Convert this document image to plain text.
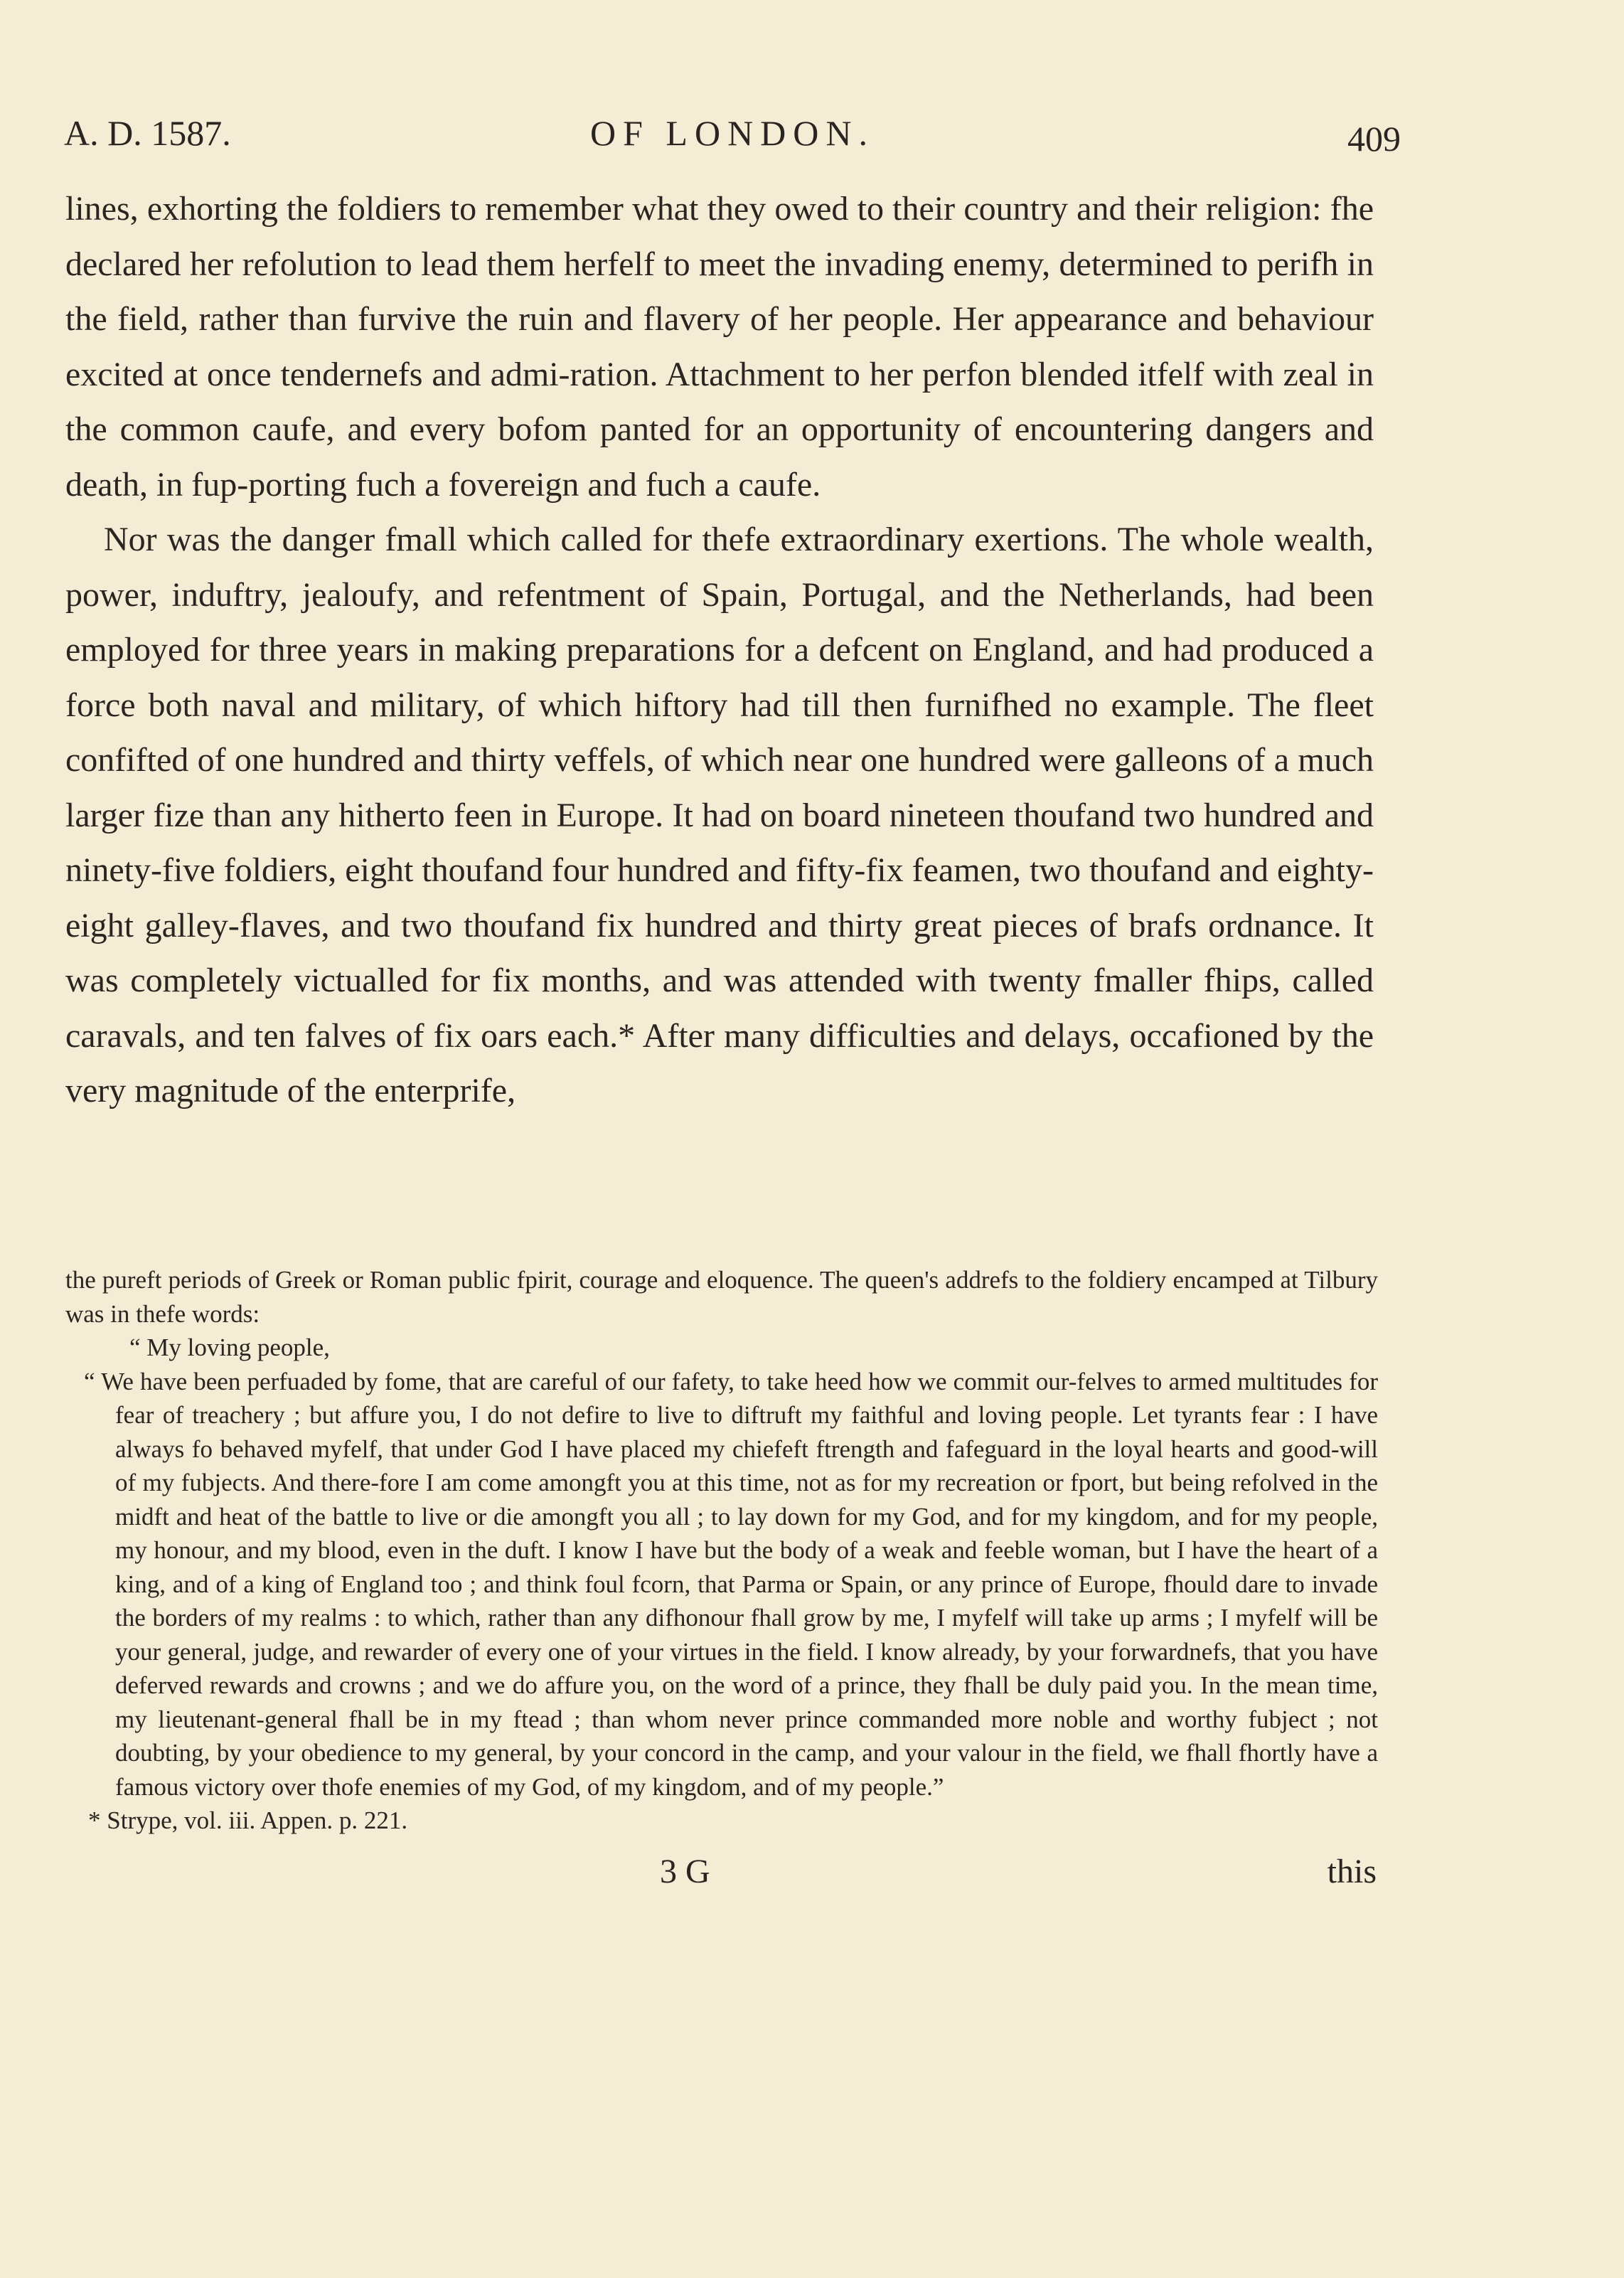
A. D. 1587.	OF LONDON.	409

lines, exhorting the foldiers to remember what they owed to their country and their religion: fhe declared her refolution to lead them herfelf to meet the invading enemy, determined to perifh in the field, rather than furvive the ruin and flavery of her people. Her appearance and behaviour excited at once tendernefs and admi-ration. Attachment to her perfon blended itfelf with zeal in the common caufe, and every bofom panted for an opportunity of encountering dangers and death, in fup-porting fuch a fovereign and fuch a caufe.

Nor was the danger fmall which called for thefe extraordinary exertions. The whole wealth, power, induftry, jealoufy, and refentment of Spain, Portugal, and the Netherlands, had been employed for three years in making preparations for a defcent on England, and had produced a force both naval and military, of which hiftory had till then furnifhed no example. The fleet confifted of one hundred and thirty veffels, of which near one hundred were galleons of a much larger fize than any hitherto feen in Europe. It had on board nineteen thoufand two hundred and ninety-five foldiers, eight thoufand four hundred and fifty-fix feamen, two thoufand and eighty-eight galley-flaves, and two thoufand fix hundred and thirty great pieces of brafs ordnance. It was completely victualled for fix months, and was attended with twenty fmaller fhips, called caravals, and ten falves of fix oars each.* After many difficulties and delays, occafioned by the very magnitude of the enterprife,

the pureft periods of Greek or Roman public fpirit, courage and eloquence. The queen's addrefs to the foldiery encamped at Tilbury was in thefe words:

“ My loving people,

“ We have been perfuaded by fome, that are careful of our fafety, to take heed how we commit our-felves to armed multitudes for fear of treachery ; but affure you, I do not defire to live to diftruft my faithful and loving people. Let tyrants fear : I have always fo behaved myfelf, that under God I have placed my chiefeft ftrength and fafeguard in the loyal hearts and good-will of my fubjects. And there-fore I am come amongft you at this time, not as for my recreation or fport, but being refolved in the midft and heat of the battle to live or die amongft you all ; to lay down for my God, and for my kingdom, and for my people, my honour, and my blood, even in the duft. I know I have but the body of a weak and feeble woman, but I have the heart of a king, and of a king of England too ; and think foul fcorn, that Parma or Spain, or any prince of Europe, fhould dare to invade the borders of my realms : to which, rather than any difhonour fhall grow by me, I myfelf will take up arms ; I myfelf will be your general, judge, and rewarder of every one of your virtues in the field. I know already, by your forwardnefs, that you have deferved rewards and crowns ; and we do affure you, on the word of a prince, they fhall be duly paid you. In the mean time, my lieutenant-general fhall be in my ftead ; than whom never prince commanded more noble and worthy fubject ; not doubting, by your obedience to my general, by your concord in the camp, and your valour in the field, we fhall fhortly have a famous victory over thofe enemies of my God, of my kingdom, and of my people.”

* Strype, vol. iii. Appen. p. 221.

3 G	this
